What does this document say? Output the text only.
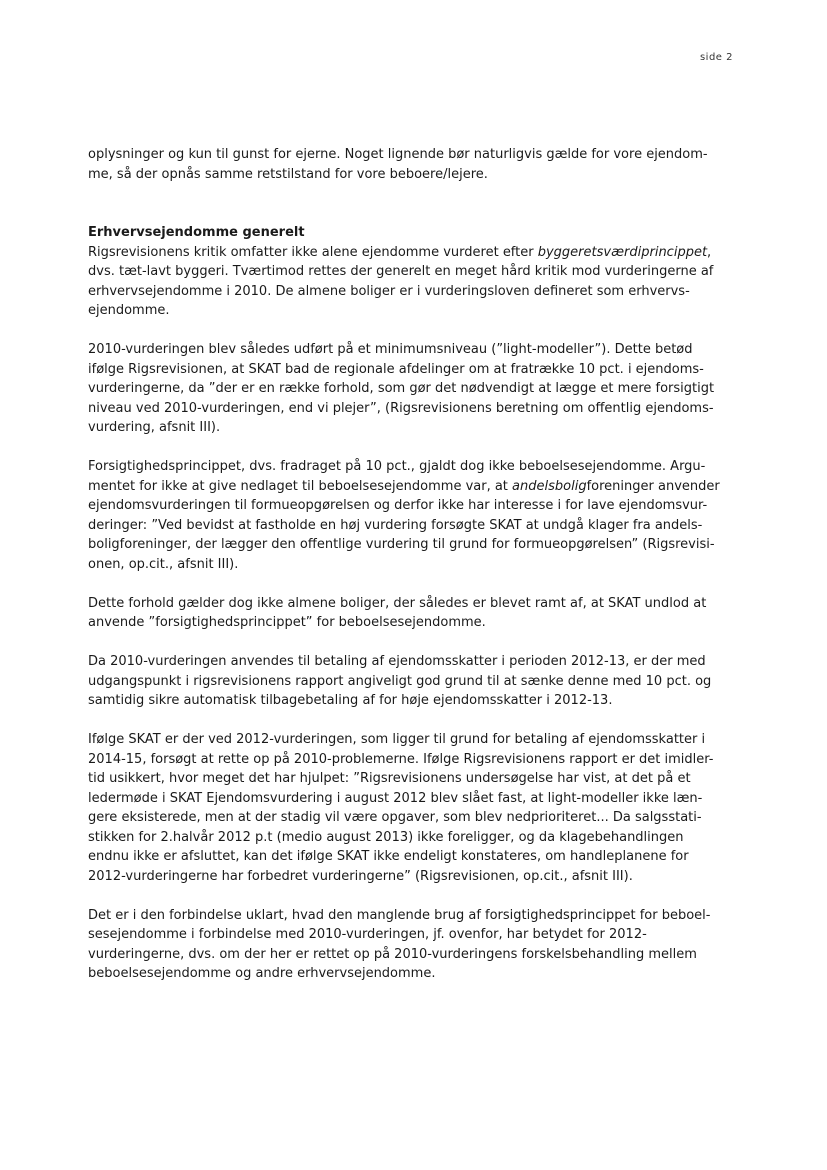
side 2

oplysninger og kun til gunst for ejerne. Noget lignende bør naturligvis gælde for vore ejendom-
me, så der opnås samme retstilstand for vore beboere/lejere.

Erhvervsejendomme generelt
Rigsrevisionens kritik omfatter ikke alene ejendomme vurderet efter byggeretsværdiprincippet,
dvs. tæt-lavt byggeri. Tværtimod rettes der generelt en meget hård kritik mod vurderingerne af
erhvervsejendomme i 2010. De almene boliger er i vurderingsloven defineret som erhvervs-
ejendomme.

2010-vurderingen blev således udført på et minimumsniveau (”light-modeller”). Dette betød
ifølge Rigsrevisionen, at SKAT bad de regionale afdelinger om at fratrække 10 pct. i ejendoms-
vurderingerne, da ”der er en række forhold, som gør det nødvendigt at lægge et mere forsigtigt
niveau ved 2010-vurderingen, end vi plejer”, (Rigsrevisionens beretning om offentlig ejendoms-
vurdering, afsnit III).

Forsigtighedsprincippet, dvs. fradraget på 10 pct., gjaldt dog ikke beboelsesejendomme. Argu-
mentet for ikke at give nedlaget til beboelsesejendomme var, at andelsboligforeninger anvender
ejendomsvurderingen til formueopgørelsen og derfor ikke har interesse i for lave ejendomsvur-
deringer: ”Ved bevidst at fastholde en høj vurdering forsøgte SKAT at undgå klager fra andels-
boligforeninger, der lægger den offentlige vurdering til grund for formueopgørelsen” (Rigsrevisi-
onen, op.cit., afsnit III).

Dette forhold gælder dog ikke almene boliger, der således er blevet ramt af, at SKAT undlod at
anvende ”forsigtighedsprincippet” for beboelsesejendomme.

Da 2010-vurderingen anvendes til betaling af ejendomsskatter i perioden 2012-13, er der med
udgangspunkt i rigsrevisionens rapport angiveligt god grund til at sænke denne med 10 pct. og
samtidig sikre automatisk tilbagebetaling af for høje ejendomsskatter i 2012-13.

Ifølge SKAT er der ved 2012-vurderingen, som ligger til grund for betaling af ejendomsskatter i
2014-15, forsøgt at rette op på 2010-problemerne. Ifølge Rigsrevisionens rapport er det imidler-
tid usikkert, hvor meget det har hjulpet: ”Rigsrevisionens undersøgelse har vist, at det på et
ledermøde i SKAT Ejendomsvurdering i august 2012 blev slået fast, at light-modeller ikke læn-
gere eksisterede, men at der stadig vil være opgaver, som blev nedprioriteret... Da salgsstati-
stikken for 2.halvår 2012 p.t (medio august 2013) ikke foreligger, og da klagebehandlingen
endnu ikke er afsluttet, kan det ifølge SKAT ikke endeligt konstateres, om handleplanene for
2012-vurderingerne har forbedret vurderingerne” (Rigsrevisionen, op.cit., afsnit III).

Det er i den forbindelse uklart, hvad den manglende brug af forsigtighedsprincippet for beboel-
sesejendomme i forbindelse med 2010-vurderingen, jf. ovenfor, har betydet for 2012-
vurderingerne, dvs. om der her er rettet op på 2010-vurderingens forskelsbehandling mellem
beboelsesejendomme og andre erhvervsejendomme.
